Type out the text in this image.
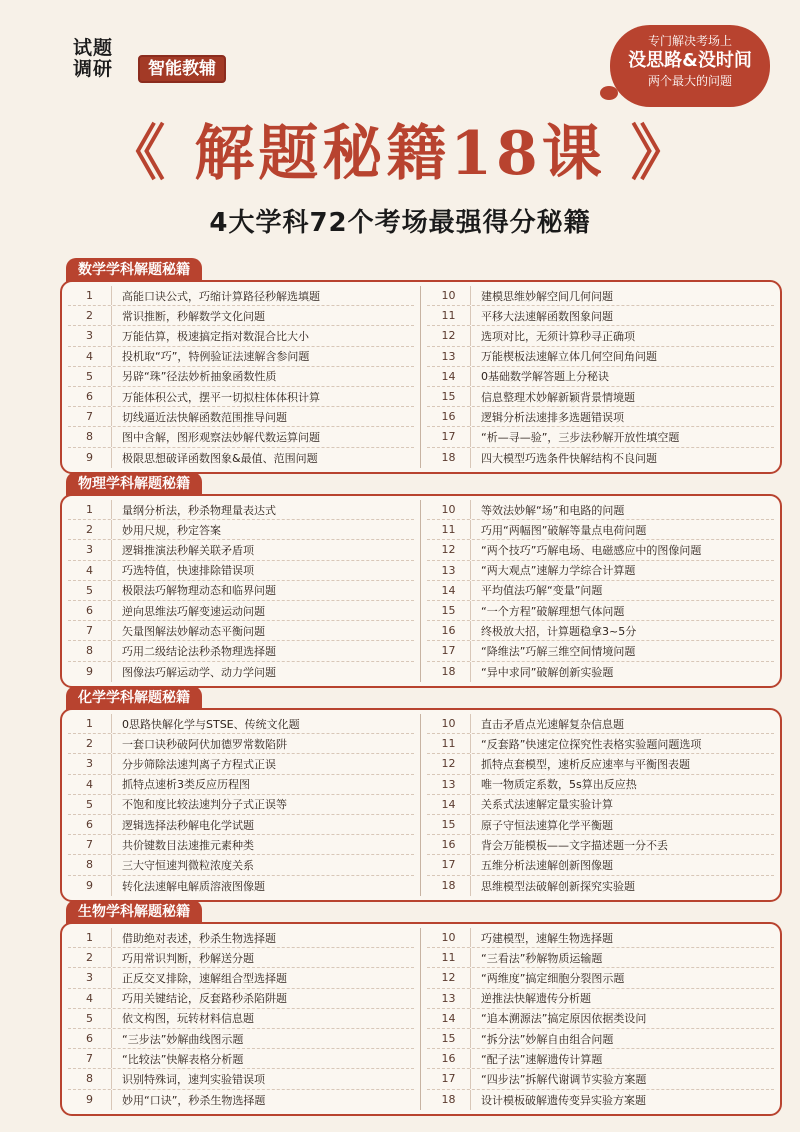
试题
调研	智能教辅
专门解决考场上
没思路&没时间
两个最大的问题
《 解题秘籍18课 》
4大学科72个考场最强得分秘籍
数学学科解题秘籍
1	高能口诀公式，巧缩计算路径秒解选填题
2	常识推断，秒解数学文化问题
3	万能估算，极速搞定指对数混合比大小
4	投机取“巧”，特例验证法速解含参问题
5	另辟“珠”径法妙析抽象函数性质
6	万能体积公式，摆平一切拟柱体体积计算
7	切线逼近法快解函数范围推导问题
8	图中含解，图形观察法妙解代数运算问题
9	极限思想破译函数图象&最值、范围问题
10	建模思维妙解空间几何问题
11	平移大法速解函数图象问题
12	选项对比，无须计算秒寻正确项
13	万能楔板法速解立体几何空间角问题
14	0基础数学解答题上分秘诀
15	信息整理术妙解新颖背景情境题
16	逻辑分析法速排多选题错误项
17	“析—寻—验”，三步法秒解开放性填空题
18	四大模型巧选条件快解结构不良问题
物理学科解题秘籍
1	量纲分析法，秒杀物理量表达式
2	妙用尺规，秒定答案
3	逻辑推演法秒解关联矛盾项
4	巧选特值，快速排除错误项
5	极限法巧解物理动态和临界问题
6	逆向思维法巧解变速运动问题
7	矢量图解法妙解动态平衡问题
8	巧用二级结论法秒杀物理选择题
9	图像法巧解运动学、动力学问题
10	等效法妙解“场”和电路的问题
11	巧用“两幅图”破解等量点电荷问题
12	“两个技巧”巧解电场、电磁感应中的图像问题
13	“两大观点”速解力学综合计算题
14	平均值法巧解“变量”问题
15	“一个方程”破解理想气体问题
16	终极放大招，计算题稳拿3~5分
17	“降维法”巧解三维空间情境问题
18	“异中求同”破解创新实验题
化学学科解题秘籍
1	0思路快解化学与STSE、传统文化题
2	一套口诀秒破阿伏加德罗常数陷阱
3	分步筛除法速判离子方程式正误
4	抓特点速析3类反应历程图
5	不饱和度比较法速判分子式正误等
6	逻辑选择法秒解电化学试题
7	共价键数目法速推元素种类
8	三大守恒速判微粒浓度关系
9	转化法速解电解质溶液图像题
10	直击矛盾点光速解复杂信息题
11	“反套路”快速定位探究性表格实验题问题选项
12	抓特点套模型，速析反应速率与平衡图表题
13	唯一物质定系数，5s算出反应热
14	关系式法速解定量实验计算
15	原子守恒法速算化学平衡题
16	背会万能模板——文字描述题一分不丢
17	五维分析法速解创新图像题
18	思维模型法破解创新探究实验题
生物学科解题秘籍
1	借助绝对表述，秒杀生物选择题
2	巧用常识判断，秒解送分题
3	正反交叉排除，速解组合型选择题
4	巧用关键结论，反套路秒杀陷阱题
5	依文构图，玩转材料信息题
6	“三步法”妙解曲线图示题
7	“比较法”快解表格分析题
8	识别特殊词，速判实验错误项
9	妙用“口诀”，秒杀生物选择题
10	巧建模型，速解生物选择题
11	“三看法”秒解物质运输题
12	“两维度”搞定细胞分裂图示题
13	逆推法快解遗传分析题
14	“追本溯源法”搞定原因依据类设问
15	“拆分法”妙解自由组合问题
16	“配子法”速解遗传计算题
17	“四步法”拆解代谢调节实验方案题
18	设计模板破解遗传变异实验方案题
